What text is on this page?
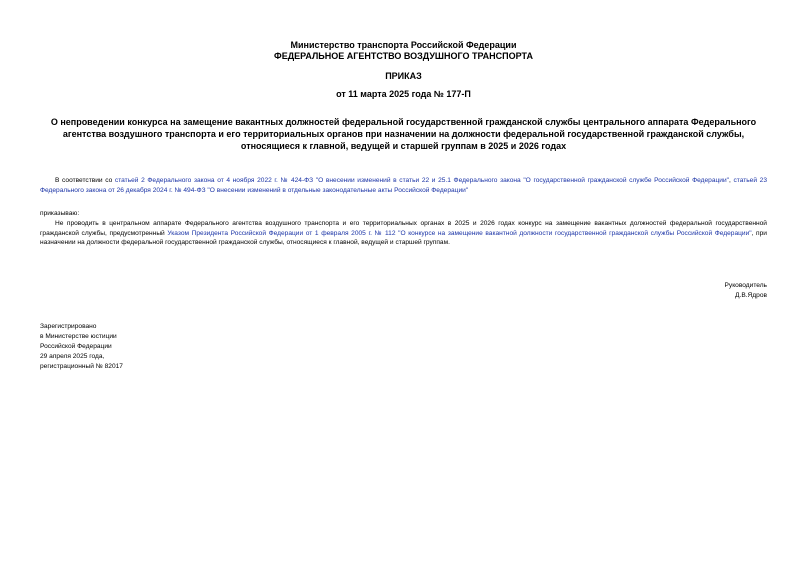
Министерство транспорта Российской Федерации
ФЕДЕРАЛЬНОЕ АГЕНТСТВО ВОЗДУШНОГО ТРАНСПОРТА
ПРИКАЗ
от 11 марта 2025 года № 177-П
О непроведении конкурса на замещение вакантных должностей федеральной государственной гражданской службы центрального аппарата Федерального
агентства воздушного транспорта и его территориальных органов при назначении на должности федеральной государственной гражданской службы,
относящиеся к главной, ведущей и старшей группам в 2025 и 2026 годах
В соответствии со статьей 2 Федерального закона от 4 ноября 2022 г. № 424-ФЗ "О внесении изменений в статьи 22 и 25.1 Федерального закона "О государственной гражданской службе Российской Федерации", статьей 23 Федерального закона от 26 декабря 2024 г. № 494-ФЗ "О внесении изменений в отдельные законодательные акты Российской Федерации"
приказываю:
Не проводить в центральном аппарате Федерального агентства воздушного транспорта и его территориальных органах в 2025 и 2026 годах конкурс на замещение вакантных должностей федеральной государственной гражданской службы, предусмотренный Указом Президента Российской Федерации от 1 февраля 2005 г. № 112 "О конкурсе на замещение вакантной должности государственной гражданской службы Российской Федерации", при назначении на должности федеральной государственной гражданской службы, относящиеся к главной, ведущей и старшей группам.
Руководитель
Д.В.Ядров
Зарегистрировано
в Министерстве юстиции
Российской Федерации
29 апреля 2025 года,
регистрационный № 82017
